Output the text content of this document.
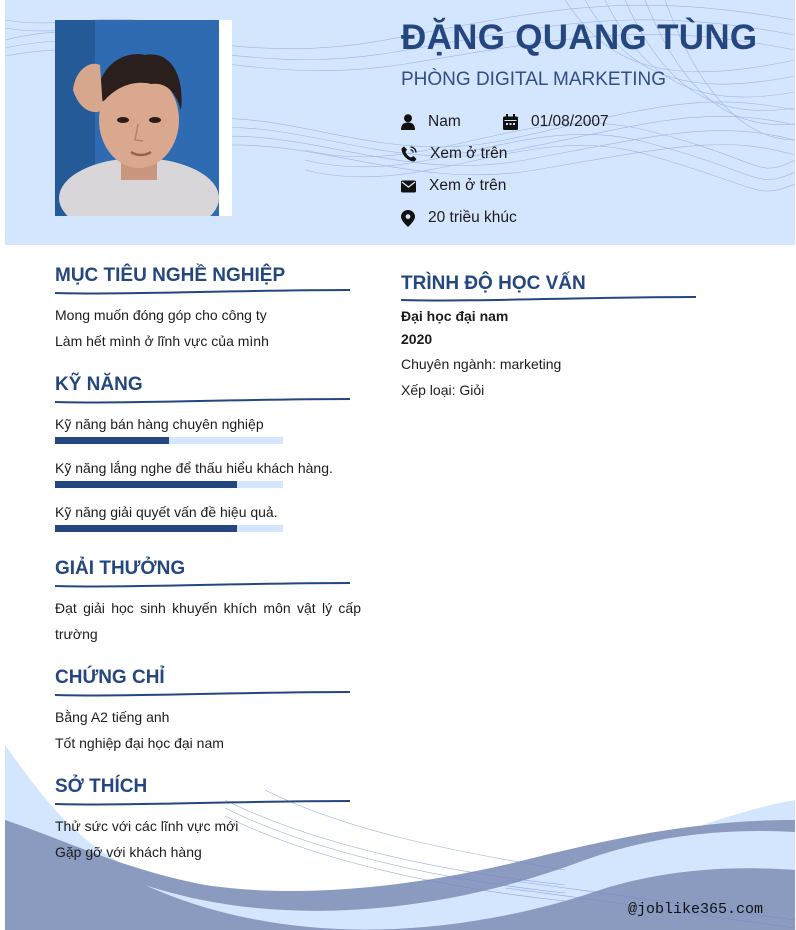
ĐẶNG QUANG TÙNG
PHÒNG DIGITAL MARKETING
Nam	01/08/2007
Xem ở trên
Xem ở trên
20 triều khúc
MỤC TIÊU NGHỀ NGHIỆP
Mong muốn đóng góp cho công ty
Làm hết mình ở lĩnh vực của mình
KỸ NĂNG
Kỹ năng bán hàng chuyên nghiệp
Kỹ năng lắng nghe để thấu hiểu khách hàng.
Kỹ năng giải quyết vấn đề hiệu quả.
GIẢI THƯỞNG
Đạt giải học sinh khuyến khích môn vật lý cấp trường
CHỨNG CHỈ
Bằng A2 tiếng anh
Tốt nghiệp đại học đại nam
SỞ THÍCH
Thử sức với các lĩnh vực mới
Gặp gỡ với khách hàng
TRÌNH ĐỘ HỌC VẤN
Đại học đại nam
2020
Chuyên ngành: marketing
Xếp loại: Giỏi
@joblike365.com
